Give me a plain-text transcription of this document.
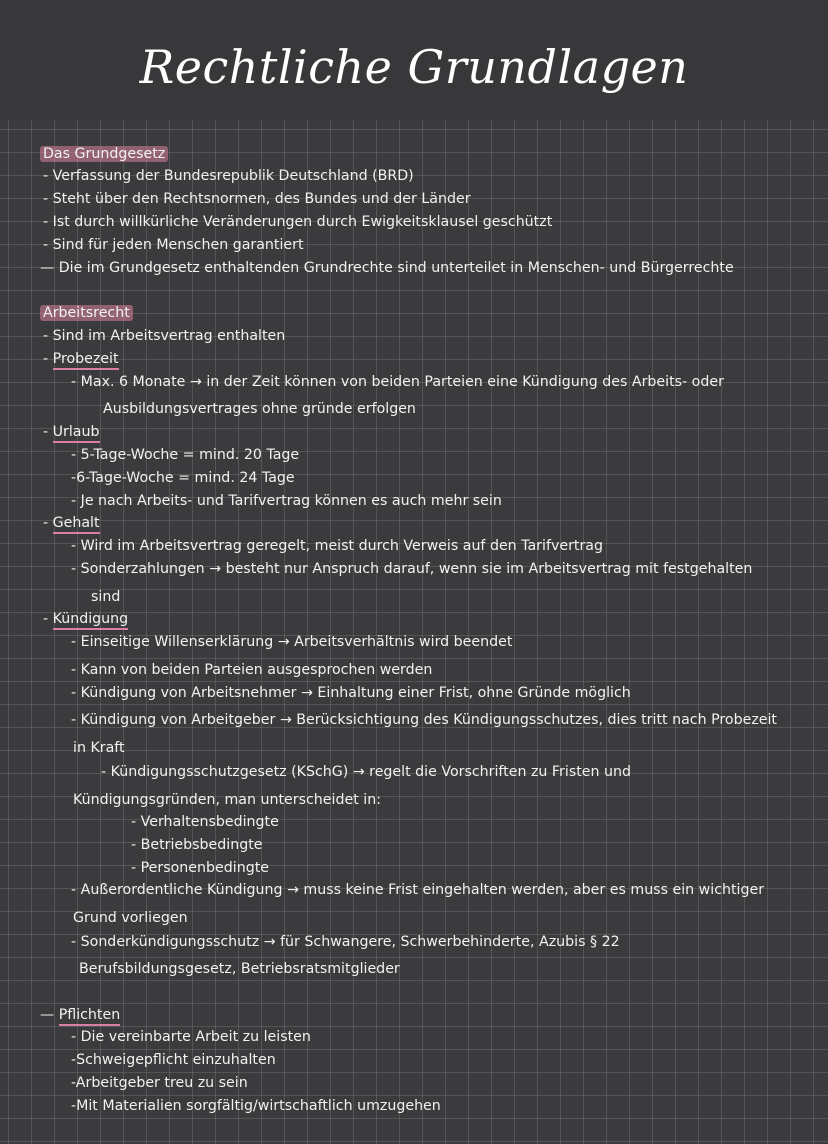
Rechtliche Grundlagen
Das Grundgesetz
- Verfassung der Bundesrepublik Deutschland (BRD)
- Steht über den Rechtsnormen, des Bundes und der Länder
- Ist durch willkürliche Veränderungen durch Ewigkeitsklausel geschützt
- Sind für jeden Menschen garantiert
— Die im Grundgesetz enthaltenden Grundrechte sind unterteilet in Menschen- und Bürgerrechte
Arbeitsrecht
- Sind im Arbeitsvertrag enthalten
- Probezeit
- Max. 6 Monate → in der Zeit können von beiden Parteien eine Kündigung des Arbeits- oder
Ausbildungsvertrages ohne gründe erfolgen
- Urlaub
- 5-Tage-Woche = mind. 20 Tage
-6-Tage-Woche = mind. 24 Tage
- Je nach Arbeits- und Tarifvertrag können es auch mehr sein
- Gehalt
- Wird im Arbeitsvertrag geregelt, meist durch Verweis auf den Tarifvertrag
- Sonderzahlungen → besteht nur Anspruch darauf, wenn sie im Arbeitsvertrag mit festgehalten
sind
- Kündigung
- Einseitige Willenserklärung → Arbeitsverhältnis wird beendet
- Kann von beiden Parteien ausgesprochen werden
- Kündigung von Arbeitsnehmer → Einhaltung einer Frist, ohne Gründe möglich
- Kündigung von Arbeitgeber → Berücksichtigung des Kündigungsschutzes, dies tritt nach Probezeit
in Kraft
- Kündigungsschutzgesetz (KSchG) → regelt die Vorschriften zu Fristen und
Kündigungsgründen, man unterscheidet in:
- Verhaltensbedingte
- Betriebsbedingte
- Personenbedingte
- Außerordentliche Kündigung → muss keine Frist eingehalten werden, aber es muss ein wichtiger
Grund vorliegen
- Sonderkündigungsschutz → für Schwangere, Schwerbehinderte, Azubis § 22
Berufsbildungsgesetz, Betriebsratsmitglieder
— Pflichten
- Die vereinbarte Arbeit zu leisten
-Schweigepflicht einzuhalten
-Arbeitgeber treu zu sein
-Mit Materialien sorgfältig/wirtschaftlich umzugehen
